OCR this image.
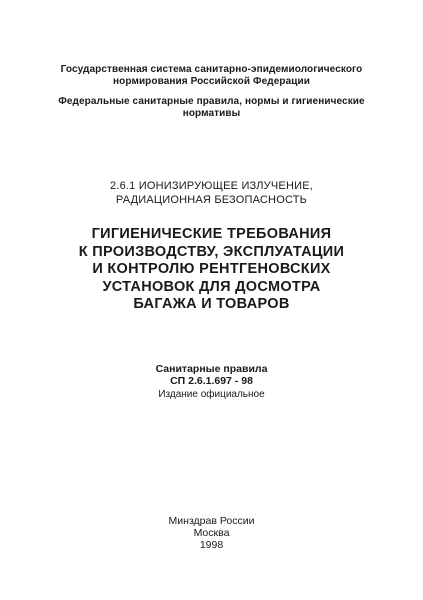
Государственная система санитарно-эпидемиологического
нормирования Российской Федерации
Федеральные санитарные правила, нормы и гигиенические
нормативы
2.6.1 ИОНИЗИРУЮЩЕЕ ИЗЛУЧЕНИЕ,
РАДИАЦИОННАЯ БЕЗОПАСНОСТЬ
ГИГИЕНИЧЕСКИЕ ТРЕБОВАНИЯ
К ПРОИЗВОДСТВУ, ЭКСПЛУАТАЦИИ
И КОНТРОЛЮ РЕНТГЕНОВСКИХ
УСТАНОВОК ДЛЯ ДОСМОТРА
БАГАЖА И ТОВАРОВ
Санитарные правила
СП 2.6.1.697 - 98
Издание официальное
Минздрав России
Москва
1998
